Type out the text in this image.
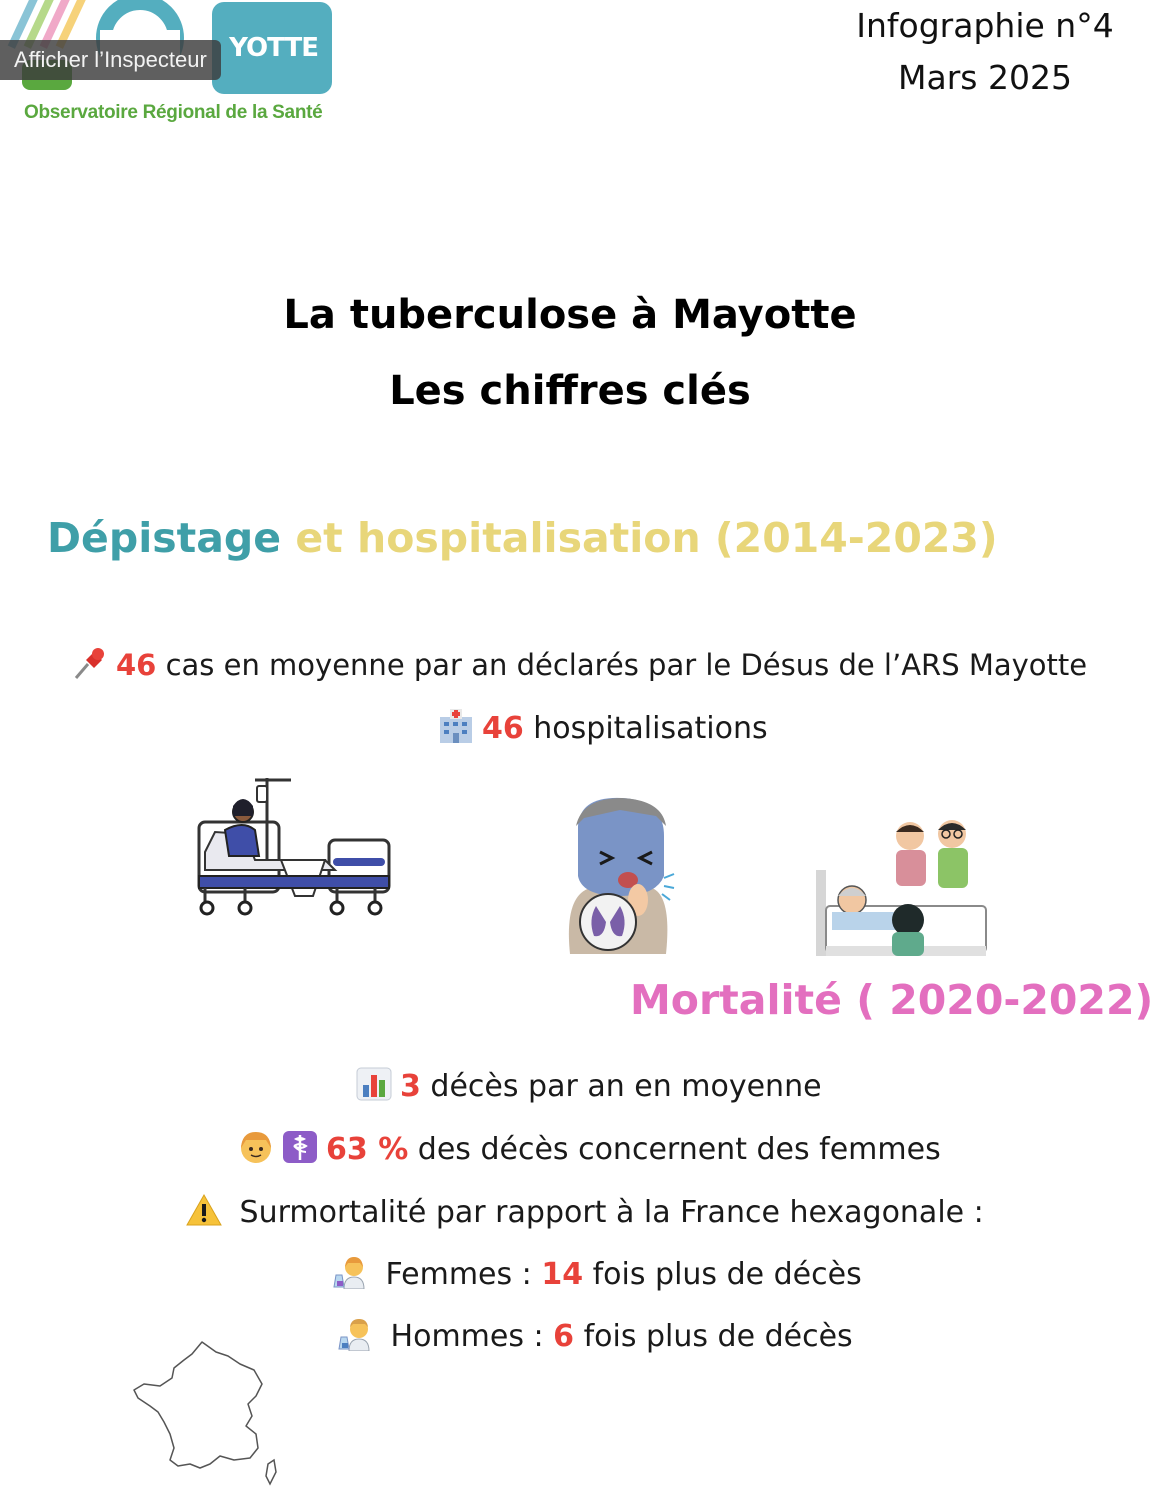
YOTTE
Observatoire Régional de la Santé
Afficher l’Inspecteur
Infographie n°4
Mars 2025
La tuberculose à Mayotte
Les chiffres clés
Dépistage et hospitalisation (2014-2023)
46 cas en moyenne par an déclarés par le Désus de l’ARS Mayotte
46 hospitalisations
Mortalité ( 2020-2022)
3 décès par an en moyenne
63 % des décès concernent des femmes
Surmortalité par rapport à la France hexagonale :
Femmes : 14 fois plus de décès
Hommes : 6 fois plus de décès
